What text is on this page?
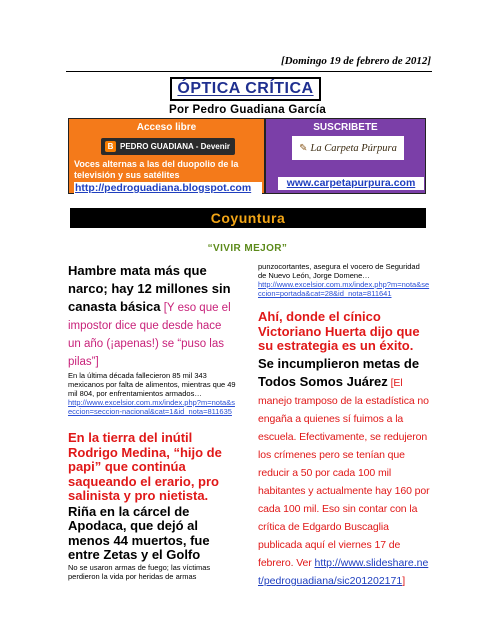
[Domingo 19 de febrero de 2012]
ÓPTICA CRÍTICA
Por Pedro Guadiana García
Acceso libre
B PEDRO GUADIANA - Devenir
Voces alternas a las del duopolio de la televisión y sus satélites
http://pedroguadiana.blogspot.com
SUSCRIBETE
✎ La Carpeta Púrpura
www.carpetapurpura.com
Coyuntura
“VIVIR MEJOR”
Hambre mata más que narco; hay 12 millones sin canasta básica [Y eso que el impostor dice que desde hace un año (¡apenas!) se “puso las pilas”]
En la última década fallecieron 85 mil 343 mexicanos por falta de alimentos, mientras que 49 mil 804, por enfrentamientos armados…
http://www.excelsior.com.mx/index.php?m=nota&seccion=seccion-nacional&cat=1&id_nota=811635
En la tierra del inútil Rodrigo Medina, “hijo de papi” que continúa saqueando el erario, pro salinista y pro nietista.
Riña en la cárcel de Apodaca, que dejó al menos 44 muertos, fue entre Zetas y el Golfo
No se usaron armas de fuego; las víctimas perdieron la vida por heridas de armas
punzocortantes, asegura el vocero de Seguridad de Nuevo León, Jorge Domene…
http://www.excelsior.com.mx/index.php?m=nota&seccion=portada&cat=28&id_nota=811641
Ahí, donde el cínico Victoriano Huerta dijo que su estrategia es un éxito.
Se incumplieron metas de Todos Somos Juárez [El manejo tramposo de la estadística no engaña a quienes sí fuimos a la escuela. Efectivamente, se redujeron los crímenes pero se tenían que reducir a 50 por cada 100 mil habitantes y actualmente hay 160 por cada 100 mil. Eso sin contar con la crítica de Edgardo Buscaglia publicada aquí el viernes 17 de febrero. Ver http://www.slideshare.net/pedroguadiana/sic201202171]
